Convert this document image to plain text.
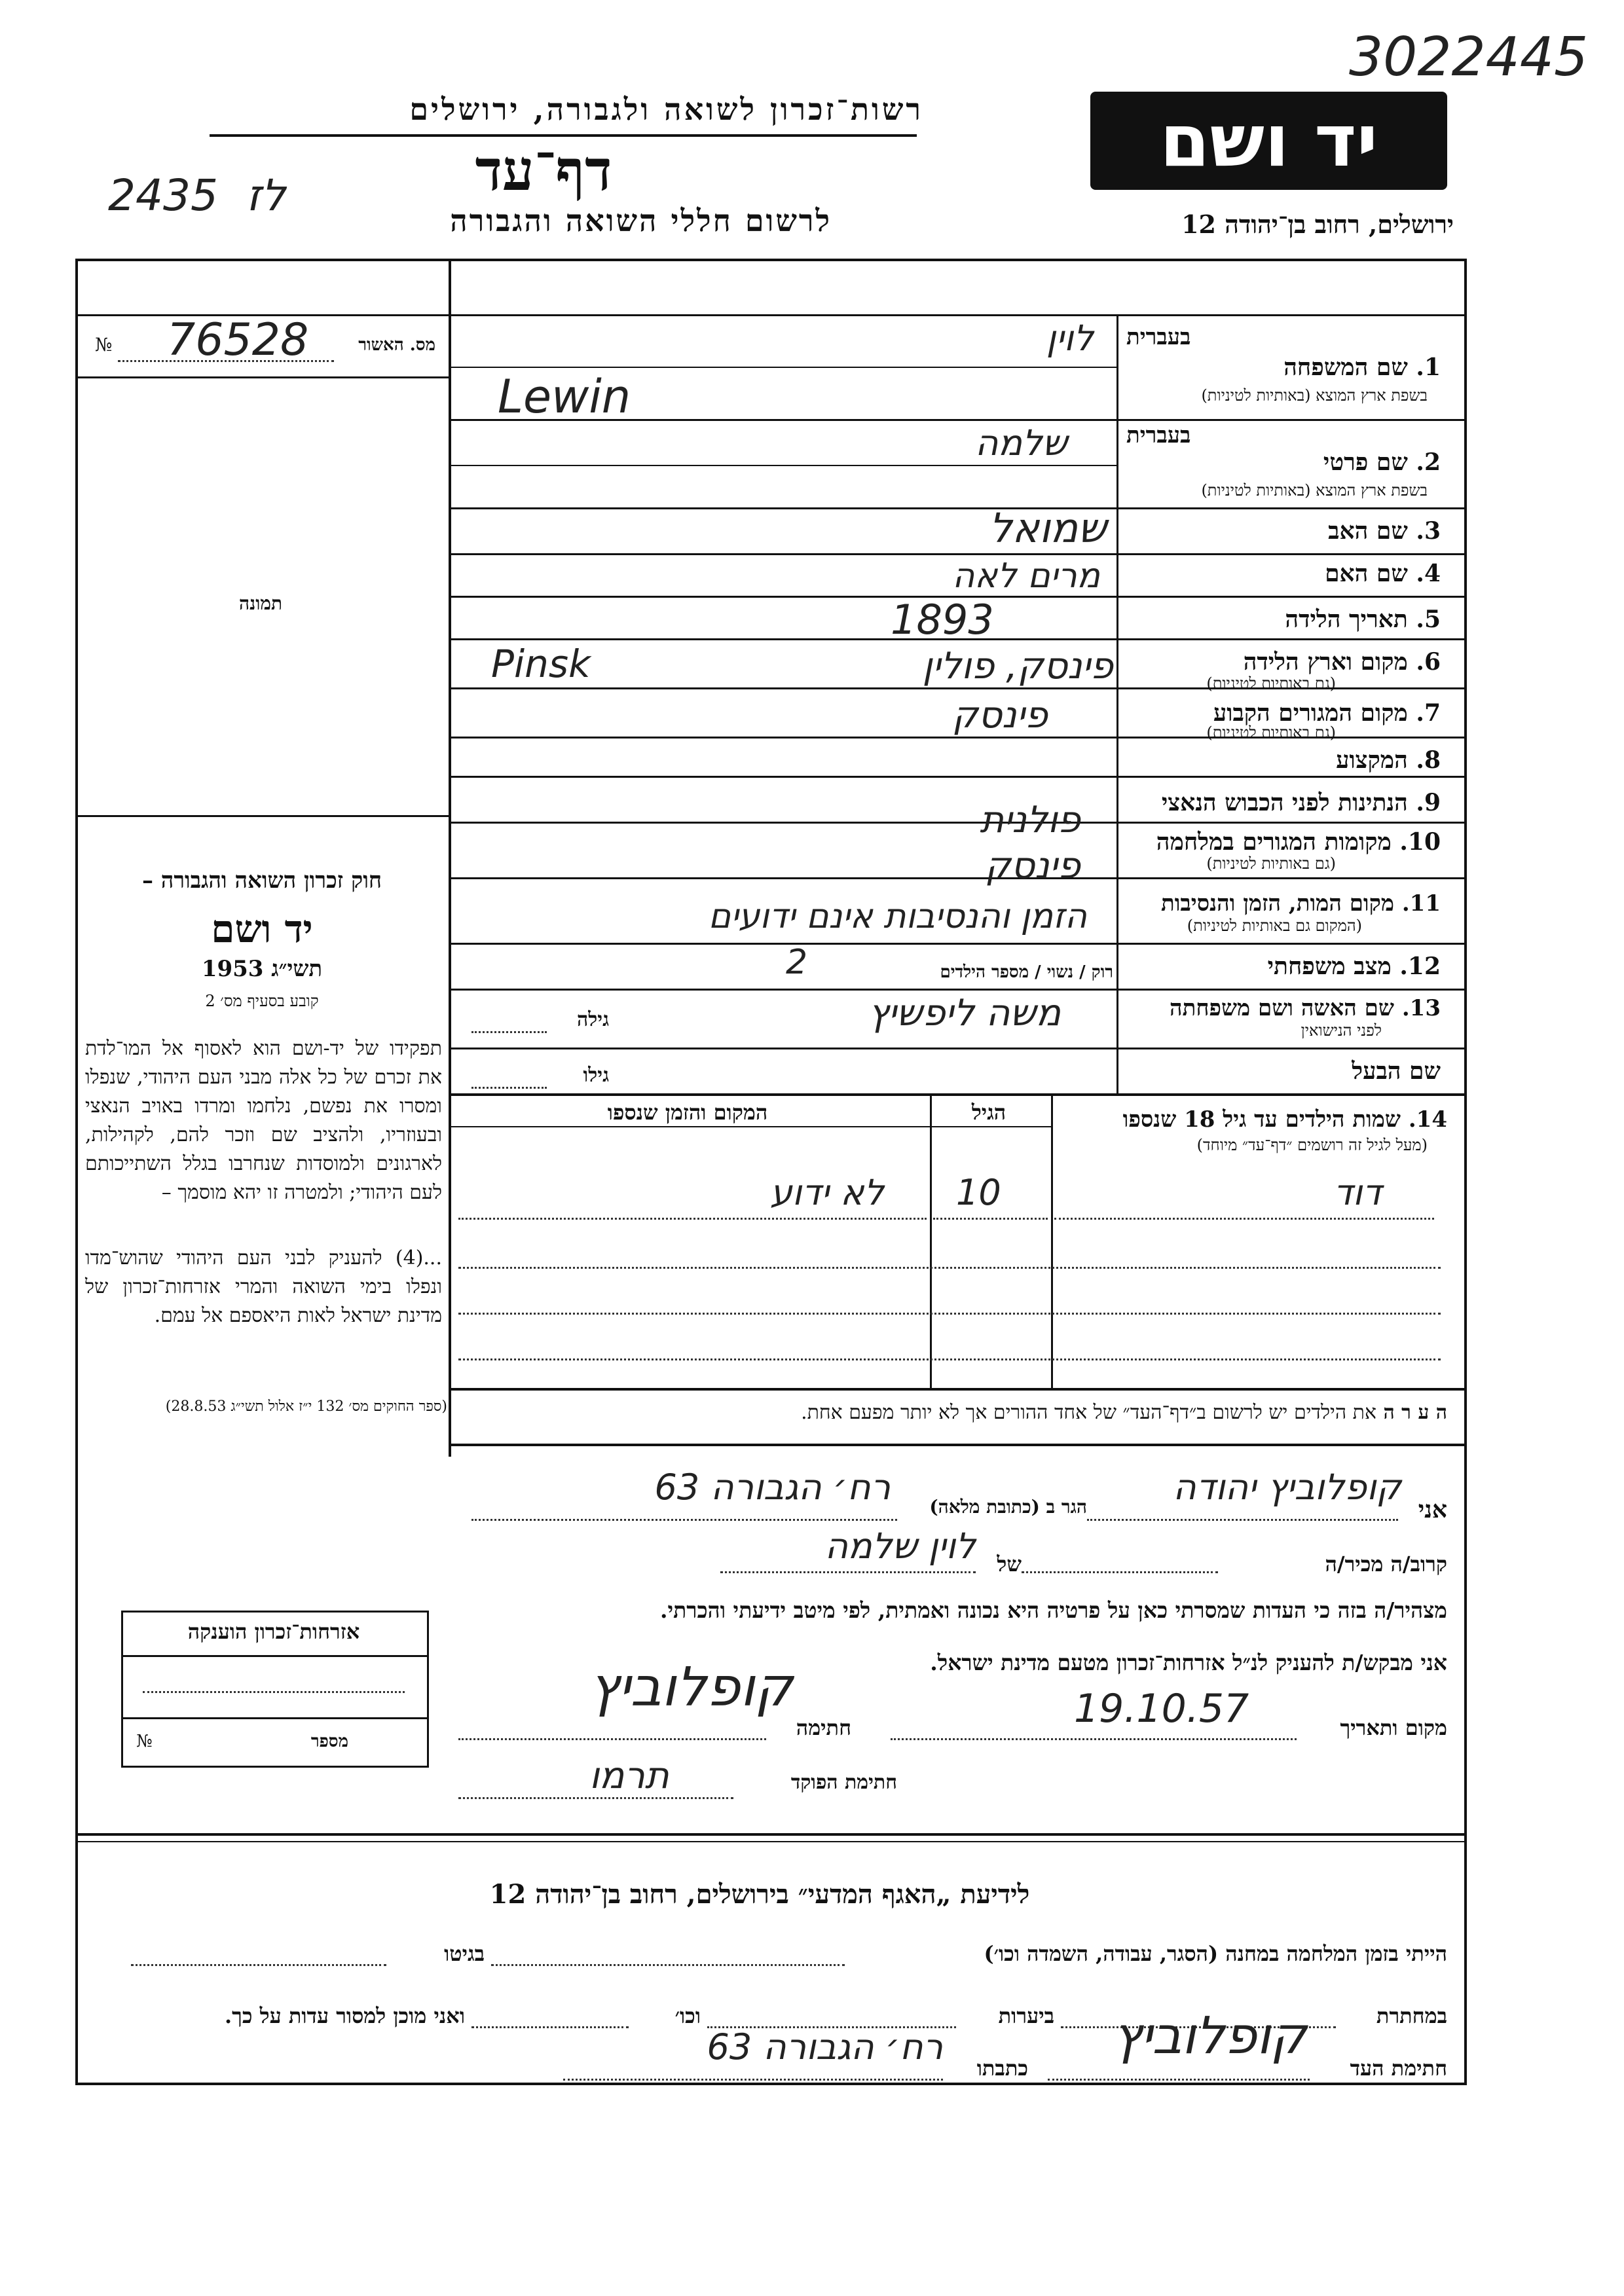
3022445
יד ושם
ירושלים, רחוב בן־יהודה 12
רשות־זכרון לשואה ולגבורה, ירושלים
דף־עד
לרשום חללי השואה והגבורה
2435 לז
№ 76528	מס. האשור
תמונה
חוק זכרון השואה והגבורה –
יד ושם
תשי״ג 1953
קובע בסעיף מס׳ 2
תפקידו של יד-ושם הוא לאסוף אל המו־לדת את זכרם של כל אלה מבני העם היהודי, שנפלו ומסרו את נפשם, נלחמו ומרדו באויב הנאצי ובעוזריו, ולהציב שם וזכר להם, לקהילות, לארגונים ולמוסדות שנחרבו בגלל השתייכותם לעם היהודי; ולמטרה זו יהא מוסמך –
...(4) להעניק לבני העם היהודי שהוש־מדו ונפלו בימי השואה והמרי אזרחות־זכרון של מדינת ישראל לאות היאספם אל עמם.
(ספר החוקים מס׳ 132 י״ז אלול תשי״ג 28.8.53)
בעברית
1. שם המשפחה
בשפת ארץ המוצא (באותיות לטיניות)
לוין
Lewin
בעברית
2. שם פרטי
בשפת ארץ המוצא (באותיות לטיניות)
שלמה
3. שם האב
שמואל
4. שם האם
מרים לאה
5. תאריך הלידה
1893
6. מקום וארץ הלידה
(גם באותיות לטיניות)
פינסק, פולין
Pinsk
7. מקום המגורים הקבוע
(גם באותיות לטיניות)
פינסק
8. המקצוע
9. הנתינות לפני הכבוש הנאצי
פולנית
10. מקומות המגורים במלחמה
(גם באותיות לטיניות)
פינסק
11. מקום המות, הזמן והנסיבות
(המקום גם באותיות לטיניות)
הזמן והנסיבות אינם ידועים
12. מצב משפחתי
רוק / נשוי / מספר הילדים
2
13. שם האשה ושם משפחתה
לפני הנישואין
משה ליפשיץ
גילה
שם הבעל
גילו
14. שמות הילדים עד גיל 18 שנספו
(מעל לגיל זה רושמים ״דף־עד״ מיוחד)
הגיל
המקום והזמן שנספו
דוד
10
לא ידוע
ה ע ר ה את הילדים יש לרשום ב״דף־העד״ של אחד ההורים אך לא יותר מפעם אחת.
אני
קופלוביץ יהודה
הגר ב (כתובת מלאה)
רח׳ הגבורה 63
קרוב/ה מכיר/ה
של
לוין שלמה
מצהיר/ה בזה כי העדות שמסרתי כאן על פרטיה היא נכונה ואמתית, לפי מיטב ידיעתי והכרתי.
אני מבקש/ת להעניק לנ״ל אזרחות־זכרון מטעם מדינת ישראל.
מקום ותאריך
19.10.57
חתימה
קופלוביץ
חתימת הפוקד
תרמו
אזרחות־זכרון הוענקה
№	מספר
לידיעת „האגף המדעי״ בירושלים, רחוב בן־יהודה 12
הייתי בזמן המלחמה במחנה (הסגר, עבודה, השמדה וכו׳)
בגיטו
במחתרת
ביערות
וכו׳
ואני מוכן למסור עדות על כך.
חתימת העד
קופלוביץ
כתבתו
רח׳ הגבורה 63
